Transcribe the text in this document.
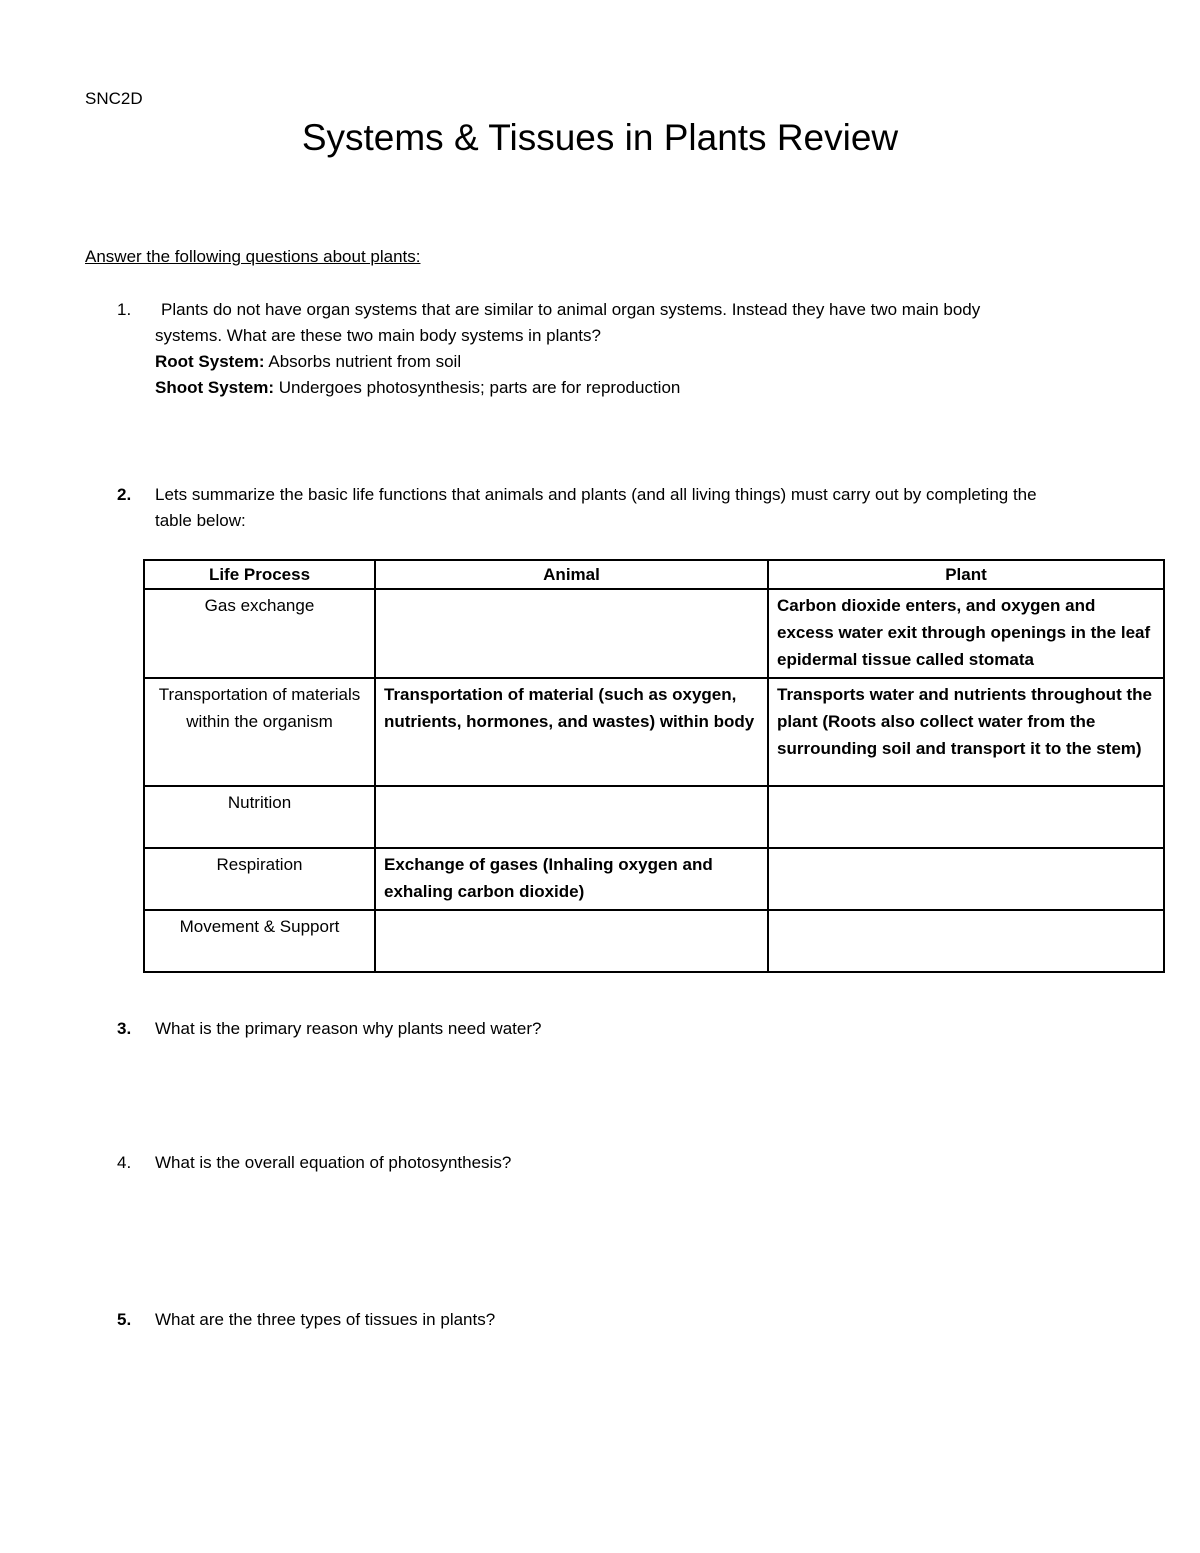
SNC2D
Systems & Tissues in Plants Review
Answer the following questions about plants:
1.	Plants do not have organ systems that are similar to animal organ systems. Instead they have two main body
systems. What are these two main body systems in plants?
Root System: Absorbs nutrient from soil
Shoot System: Undergoes photosynthesis; parts are for reproduction
2. Lets summarize the basic life functions that animals and plants (and all living things) must carry out by completing the table below:
Life Process	Animal	Plant
Gas exchange		Carbon dioxide enters, and oxygen and excess water exit through openings in the leaf epidermal tissue called stomata
Transportation of materials within the organism	Transportation of material (such as oxygen, nutrients, hormones, and wastes) within body	Transports water and nutrients throughout the plant (Roots also collect water from the surrounding soil and transport it to the stem)
Nutrition		
Respiration	Exchange of gases (Inhaling oxygen and exhaling carbon dioxide)	
Movement & Support		
3. What is the primary reason why plants need water?
4. What is the overall equation of photosynthesis?
5. What are the three types of tissues in plants?
